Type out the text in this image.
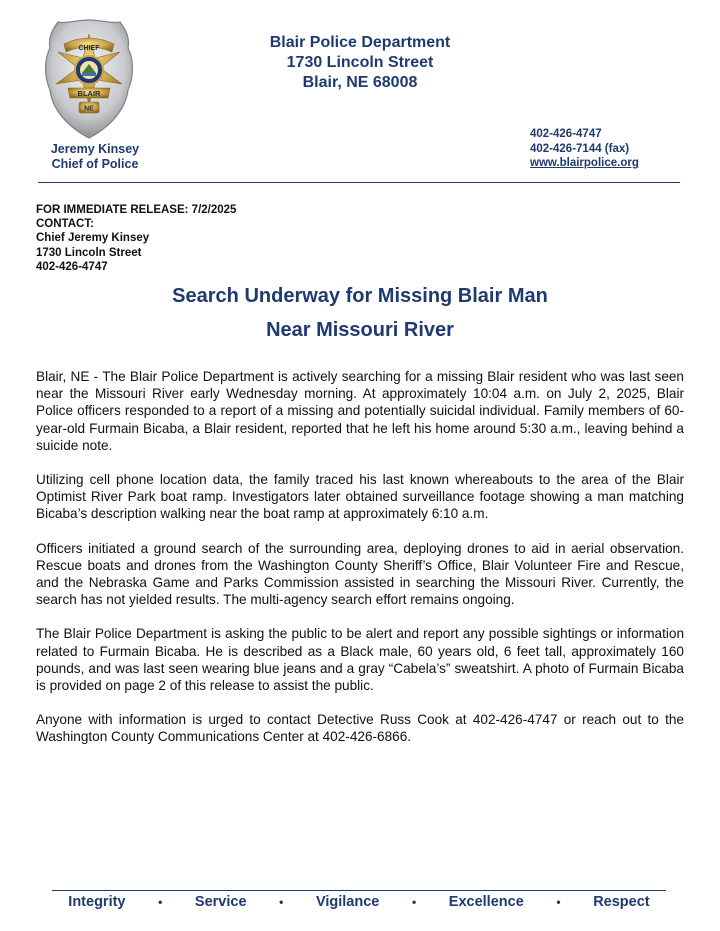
CHIEF
BLAIR
NE
Jeremy Kinsey
Chief of Police
Blair Police Department
1730 Lincoln Street
Blair, NE 68008
402-426-4747
402-426-7144 (fax)
www.blairpolice.org
FOR IMMEDIATE RELEASE: 7/2/2025
CONTACT:
Chief Jeremy Kinsey
1730 Lincoln Street
402-426-4747
Search Underway for Missing Blair Man
Near Missouri River

Blair, NE - The Blair Police Department is actively searching for a missing Blair resident who was last seen near the Missouri River early Wednesday morning. At approximately 10:04 a.m. on July 2, 2025, Blair Police officers responded to a report of a missing and potentially suicidal individual. Family members of 60-year-old Furmain Bicaba, a Blair resident, reported that he left his home around 5:30 a.m., leaving behind a suicide note.

Utilizing cell phone location data, the family traced his last known whereabouts to the area of the Blair Optimist River Park boat ramp. Investigators later obtained surveillance footage showing a man matching Bicaba’s description walking near the boat ramp at approximately 6:10 a.m.

Officers initiated a ground search of the surrounding area, deploying drones to aid in aerial observation. Rescue boats and drones from the Washington County Sheriff’s Office, Blair Volunteer Fire and Rescue, and the Nebraska Game and Parks Commission assisted in searching the Missouri River. Currently, the search has not yielded results. The multi-agency search effort remains ongoing.

The Blair Police Department is asking the public to be alert and report any possible sightings or information related to Furmain Bicaba. He is described as a Black male, 60 years old, 6 feet tall, approximately 160 pounds, and was last seen wearing blue jeans and a gray “Cabela’s” sweatshirt. A photo of Furmain Bicaba is provided on page 2 of this release to assist the public.

Anyone with information is urged to contact Detective Russ Cook at 402-426-4747 or reach out to the Washington County Communications Center at 402-426-6866.

Integrity	• Service	• Vigilance	• Excellence	• Respect
